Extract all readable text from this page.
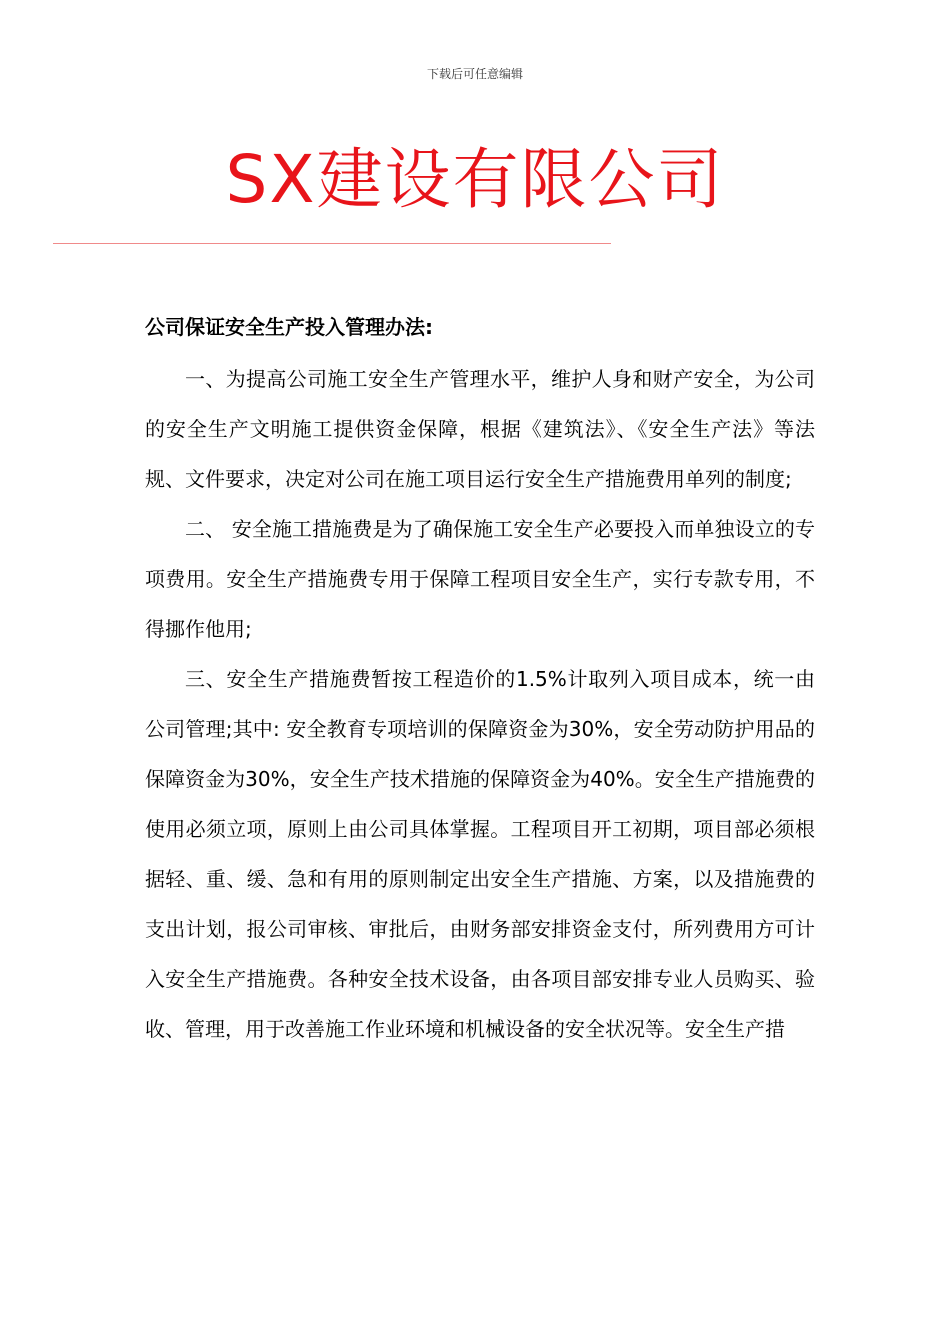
下载后可任意编辑
SX建设有限公司
公司保证安全生产投入管理办法:

一、为提高公司施工安全生产管理水平，维护人身和财产安全，为公司的安全生产文明施工提供资金保障，根据《建筑法》、《安全生产法》等法规、文件要求，决定对公司在施工项目运行安全生产措施费用单列的制度;

二、 安全施工措施费是为了确保施工安全生产必要投入而单独设立的专项费用。安全生产措施费专用于保障工程项目安全生产，实行专款专用，不得挪作他用;

三、安全生产措施费暂按工程造价的1.5%计取列入项目成本，统一由公司管理;其中: 安全教育专项培训的保障资金为30%，安全劳动防护用品的保障资金为30%，安全生产技术措施的保障资金为40%。安全生产措施费的使用必须立项，原则上由公司具体掌握。工程项目开工初期，项目部必须根据轻、重、缓、急和有用的原则制定出安全生产措施、方案，以及措施费的支出计划，报公司审核、审批后，由财务部安排资金支付，所列费用方可计入安全生产措施费。各种安全技术设备，由各项目部安排专业人员购买、验收、管理，用于改善施工作业环境和机械设备的安全状况等。安全生产措
